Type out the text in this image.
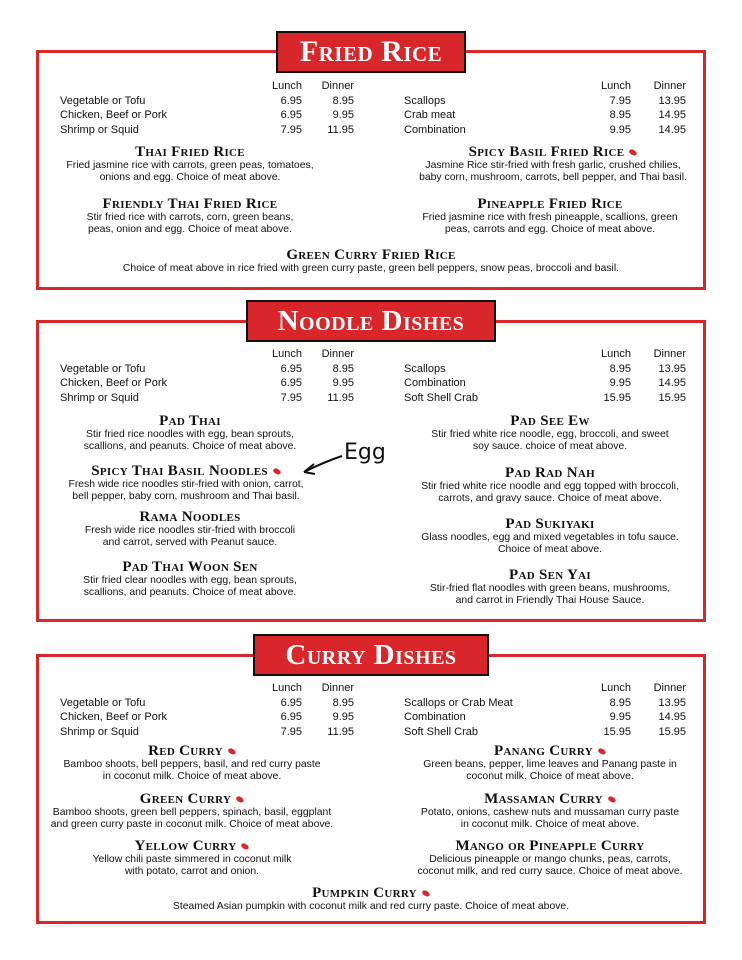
Fried Rice
Lunch	Dinner
Vegetable or Tofu	6.95	8.95
Chicken, Beef or Pork	6.95	9.95
Shrimp or Squid	7.95	11.95
Lunch	Dinner
Scallops	7.95	13.95
Crab meat	8.95	14.95
Combination	9.95	14.95
Thai Fried Rice
Fried jasmine rice with carrots, green peas, tomatoes,
onions and egg. Choice of meat above.
Spicy Basil Fried Rice
Jasmine Rice stir-fried with fresh garlic, crushed chilies,
baby corn, mushroom, carrots, bell pepper, and Thai basil.
Friendly Thai Fried Rice
Stir fried rice with carrots, corn, green beans,
peas, onion and egg. Choice of meat above.
Pineapple Fried Rice
Fried jasmine rice with fresh pineapple, scallions, green
peas, carrots and egg. Choice of meat above.
Green Curry Fried Rice
Choice of meat above in rice fried with green curry paste, green bell peppers, snow peas, broccoli and basil.
Noodle Dishes
Lunch	Dinner
Vegetable or Tofu	6.95	8.95
Chicken, Beef or Pork	6.95	9.95
Shrimp or Squid	7.95	11.95
Lunch	Dinner
Scallops	8.95	13.95
Combination	9.95	14.95
Soft Shell Crab	15.95	15.95
Pad Thai
Stir fried rice noodles with egg, bean sprouts,
scallions, and peanuts. Choice of meat above.
Pad See Ew
Stir fried white rice noodle, egg, broccoli, and sweet
soy sauce. choice of meat above.
Spicy Thai Basil Noodles
Fresh wide rice noodles stir-fried with onion, carrot,
bell pepper, baby corn, mushroom and Thai basil.
Pad Rad Nah
Stir fried white rice noodle and egg topped with broccoli,
carrots, and gravy sauce. Choice of meat above.
Rama Noodles
Fresh wide rice noodles stir-fried with broccoli
and carrot, served with Peanut sauce.
Pad Sukiyaki
Glass noodles, egg and mixed vegetables in tofu sauce.
Choice of meat above.
Pad Thai Woon Sen
Stir fried clear noodles with egg, bean sprouts,
scallions, and peanuts. Choice of meat above.
Pad Sen Yai
Stir-fried flat noodles with green beans, mushrooms,
and carrot in Friendly Thai House Sauce.
Egg
Curry Dishes
Lunch	Dinner
Vegetable or Tofu	6.95	8.95
Chicken, Beef or Pork	6.95	9.95
Shrimp or Squid	7.95	11.95
Lunch	Dinner
Scallops or Crab Meat	8.95	13.95
Combination	9.95	14.95
Soft Shell Crab	15.95	15.95
Red Curry
Bamboo shoots, bell peppers, basil, and red curry paste
in coconut milk. Choice of meat above.
Panang Curry
Green beans, pepper, lime leaves and Panang paste in
coconut milk. Choice of meat above.
Green Curry
Bamboo shoots, green bell peppers, spinach, basil, eggplant
and green curry paste in coconut milk. Choice of meat above.
Massaman Curry
Potato, onions, cashew nuts and mussaman curry paste
in coconut milk. Choice of meat above.
Yellow Curry
Yellow chili paste simmered in coconut milk
with potato, carrot and onion.
Mango or Pineapple Curry
Delicious pineapple or mango chunks, peas, carrots,
coconut milk, and red curry sauce. Choice of meat above.
Pumpkin Curry
Steamed Asian pumpkin with coconut milk and red curry paste. Choice of meat above.
